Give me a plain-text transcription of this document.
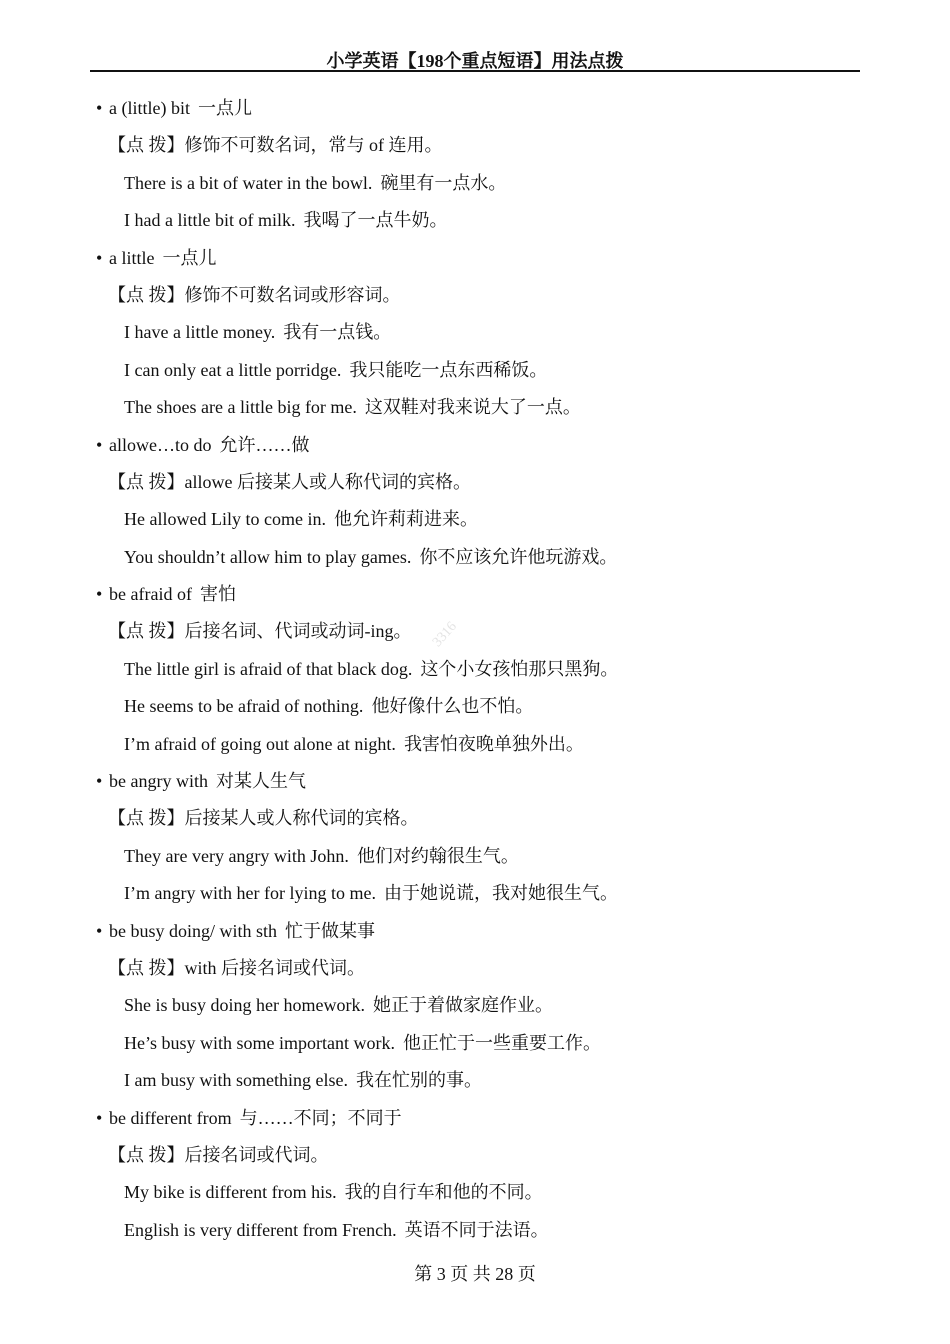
小学英语【198个重点短语】用法点拨
3316
• a (little) bit 一点儿
【点 拨】修饰不可数名词，常与 of 连用。
There is a bit of water in the bowl. 碗里有一点水。
I had a little bit of milk. 我喝了一点牛奶。
• a little 一点儿
【点 拨】修饰不可数名词或形容词。
I have a little money. 我有一点钱。
I can only eat a little porridge. 我只能吃一点东西稀饭。
The shoes are a little big for me. 这双鞋对我来说大了一点。
• allowe…to do 允许……做
【点 拨】allowe 后接某人或人称代词的宾格。
He allowed Lily to come in. 他允许莉莉进来。
You shouldn’t allow him to play games. 你不应该允许他玩游戏。
• be afraid of 害怕
【点 拨】后接名词、代词或动词-ing。
The little girl is afraid of that black dog. 这个小女孩怕那只黑狗。
He seems to be afraid of nothing. 他好像什么也不怕。
I’m afraid of going out alone at night. 我害怕夜晚单独外出。
• be angry with 对某人生气
【点 拨】后接某人或人称代词的宾格。
They are very angry with John. 他们对约翰很生气。
I’m angry with her for lying to me. 由于她说谎，我对她很生气。
• be busy doing/ with sth 忙于做某事
【点 拨】with 后接名词或代词。
She is busy doing her homework. 她正于着做家庭作业。
He’s busy with some important work. 他正忙于一些重要工作。
I am busy with something else. 我在忙别的事。
• be different from 与……不同；不同于
【点 拨】后接名词或代词。
My bike is different from his. 我的自行车和他的不同。
English is very different from French. 英语不同于法语。
第 3 页 共 28 页
